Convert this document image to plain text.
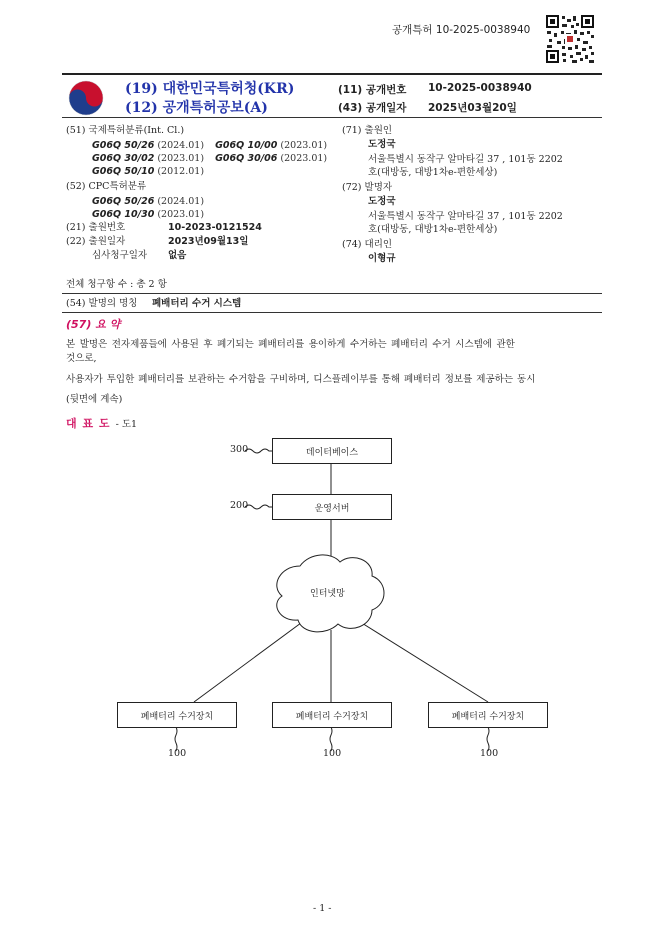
공개특허 10-2025-0038940
(19) 대한민국특허청(KR)
(12) 공개특허공보(A)
(11) 공개번호 10-2025-0038940
(43) 공개일자 2025년03월20일
(51) 국제특허분류(Int. Cl.)
G06Q 50/26 (2024.01) G06Q 10/00 (2023.01)
G06Q 30/02 (2023.01) G06Q 30/06 (2023.01)
G06Q 50/10 (2012.01)
(52) CPC특허분류
G06Q 50/26 (2024.01)
G06Q 10/30 (2023.01)
(21) 출원번호	10-2023-0121524
(22) 출원일자	2023년09월13일
심사청구일자 없음
(71) 출원인
도정국
서울특별시 동작구 알마타길 37 , 101동 2202
호(대방동, 대방1차e-편한세상)
(72) 발명자
도정국
서울특별시 동작구 알마타길 37 , 101동 2202
호(대방동, 대방1차e-편한세상)
(74) 대리인
이형규
전체 청구항 수 : 총 2 항
(54) 발명의 명칭 폐배터리 수거 시스템
(57) 요 약
본 발명은 전자제품들에 사용된 후 폐기되는 폐배터리를 용이하게 수거하는 폐배터리 수거 시스템에 관한
것으로,
사용자가 투입한 폐배터리를 보관하는 수거함을 구비하며, 디스플레이부를 통해 폐배터리 정보를 제공하는 동시
(뒷면에 계속)
대 표 도 - 도1
300	데이터베이스
200	운영서버
인터넷망
폐배터리 수거장치	폐배터리 수거장치	폐배터리 수거장치
100	100	100
- 1 -
